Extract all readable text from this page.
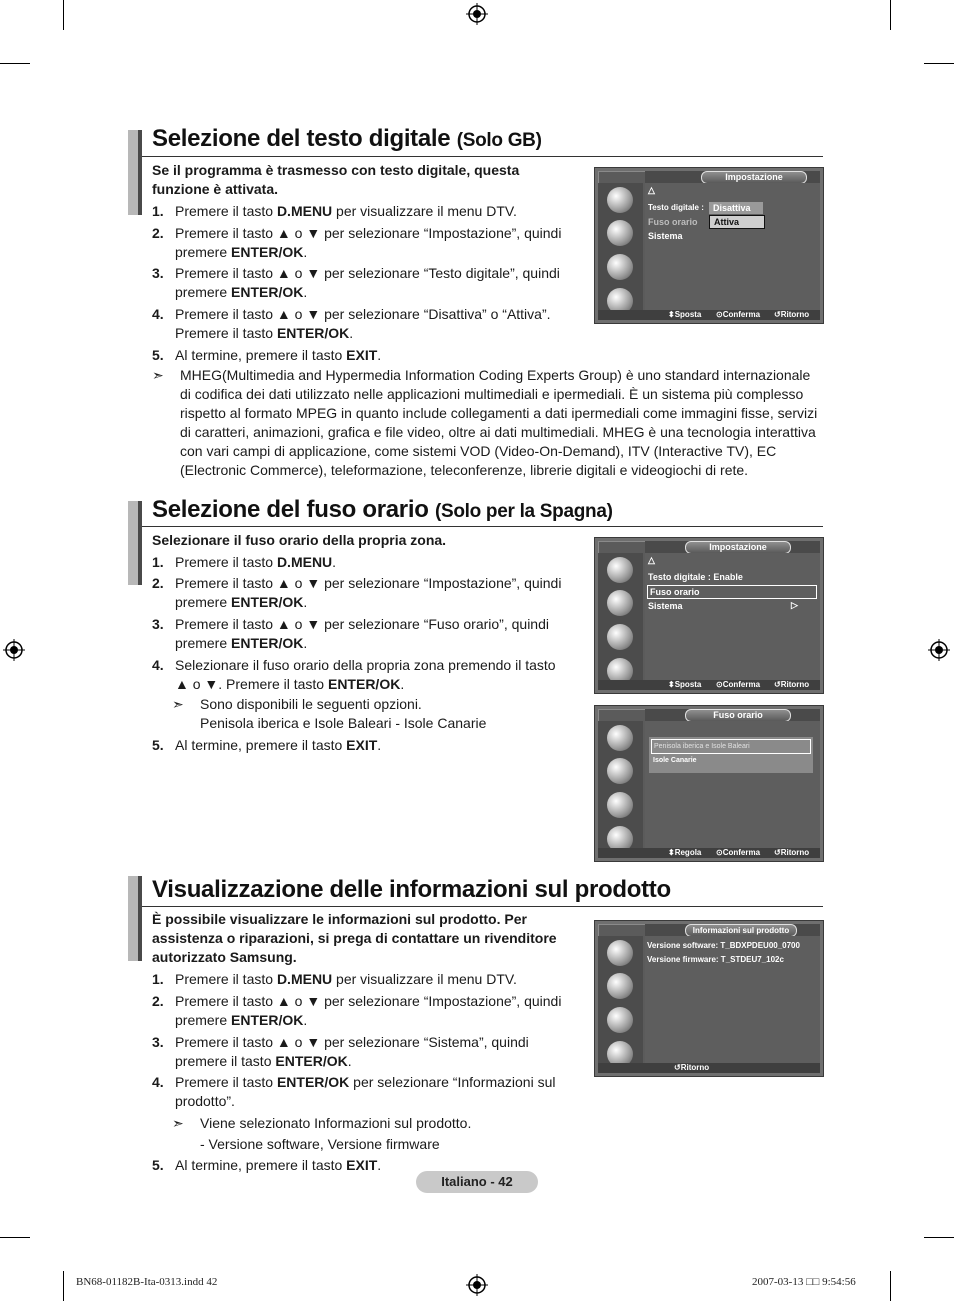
Selezione del testo digitale (Solo GB)
Se il programma è trasmesso con testo digitale, questa funzione è attivata.
1. Premere il tasto D.MENU per visualizzare il menu DTV.
2. Premere il tasto ▲ o ▼ per selezionare “Impostazione”, quindi premere ENTER/OK.
3. Premere il tasto ▲ o ▼ per selezionare “Testo digitale”, quindi premere ENTER/OK.
4. Premere il tasto ▲ o ▼ per selezionare “Disattiva” o “Attiva”. Premere il tasto ENTER/OK.
5. Al termine, premere il tasto EXIT.
➣ MHEG(Multimedia and Hypermedia Information Coding Experts Group) è uno standard internazionale di codifica dei dati utilizzato nelle applicazioni multimediali e ipermediali. È un sistema più complesso rispetto al formato MPEG in quanto include collegamenti a dati ipermediali come immagini fisse, servizi di caratteri, animazioni, grafica e file video, oltre ai dati multimediali. MHEG è una tecnologia interattiva con vari campi di applicazione, come sistemi VOD (Video-On-Demand), ITV (Interactive TV), EC (Electronic Commerce), teleformazione, teleconferenze, librerie digitali e videogiochi di rete.
Impostazione
△
Testo digitale :
Fuso orario
Sistema
Disattiva
Attiva
⬍ Sposta ⊙ Conferma ↺ Ritorno
Selezione del fuso orario (Solo per la Spagna)
Selezionare il fuso orario della propria zona.
1. Premere il tasto D.MENU.
2. Premere il tasto ▲ o ▼ per selezionare “Impostazione”, quindi premere ENTER/OK.
3. Premere il tasto ▲ o ▼ per selezionare “Fuso orario”, quindi premere ENTER/OK.
4. Selezionare il fuso orario della propria zona premendo il tasto ▲ o ▼. Premere il tasto ENTER/OK.
➣ Sono disponibili le seguenti opzioni.
Penisola iberica e Isole Baleari - Isole Canarie
5. Al termine, premere il tasto EXIT.
Impostazione
△
Testo digitale : Enable
Fuso orario
Sistema	▷
⬍ Sposta ⊙ Conferma ↺ Ritorno
Fuso orario
Penisola iberica e Isole Baleari
Isole Canarie
⬍ Regola ⊙ Conferma ↺ Ritorno
Visualizzazione delle informazioni sul prodotto
È possibile visualizzare le informazioni sul prodotto. Per assistenza o riparazioni, si prega di contattare un rivenditore autorizzato Samsung.
1. Premere il tasto D.MENU per visualizzare il menu DTV.
2. Premere il tasto ▲ o ▼ per selezionare “Impostazione”, quindi premere ENTER/OK.
3. Premere il tasto ▲ o ▼ per selezionare “Sistema”, quindi premere il tasto ENTER/OK.
4. Premere il tasto ENTER/OK per selezionare “Informazioni sul prodotto”.
➣ Viene selezionato Informazioni sul prodotto.
- Versione software, Versione firmware
5. Al termine, premere il tasto EXIT.
Informazioni sul prodotto
Versione software: T_BDXPDEU00_0700
Versione firmware: T_STDEU7_102c
↺ Ritorno
Italiano - 42
BN68-01182B-Ita-0313.indd 42	2007-03-13 □□ 9:54:56
